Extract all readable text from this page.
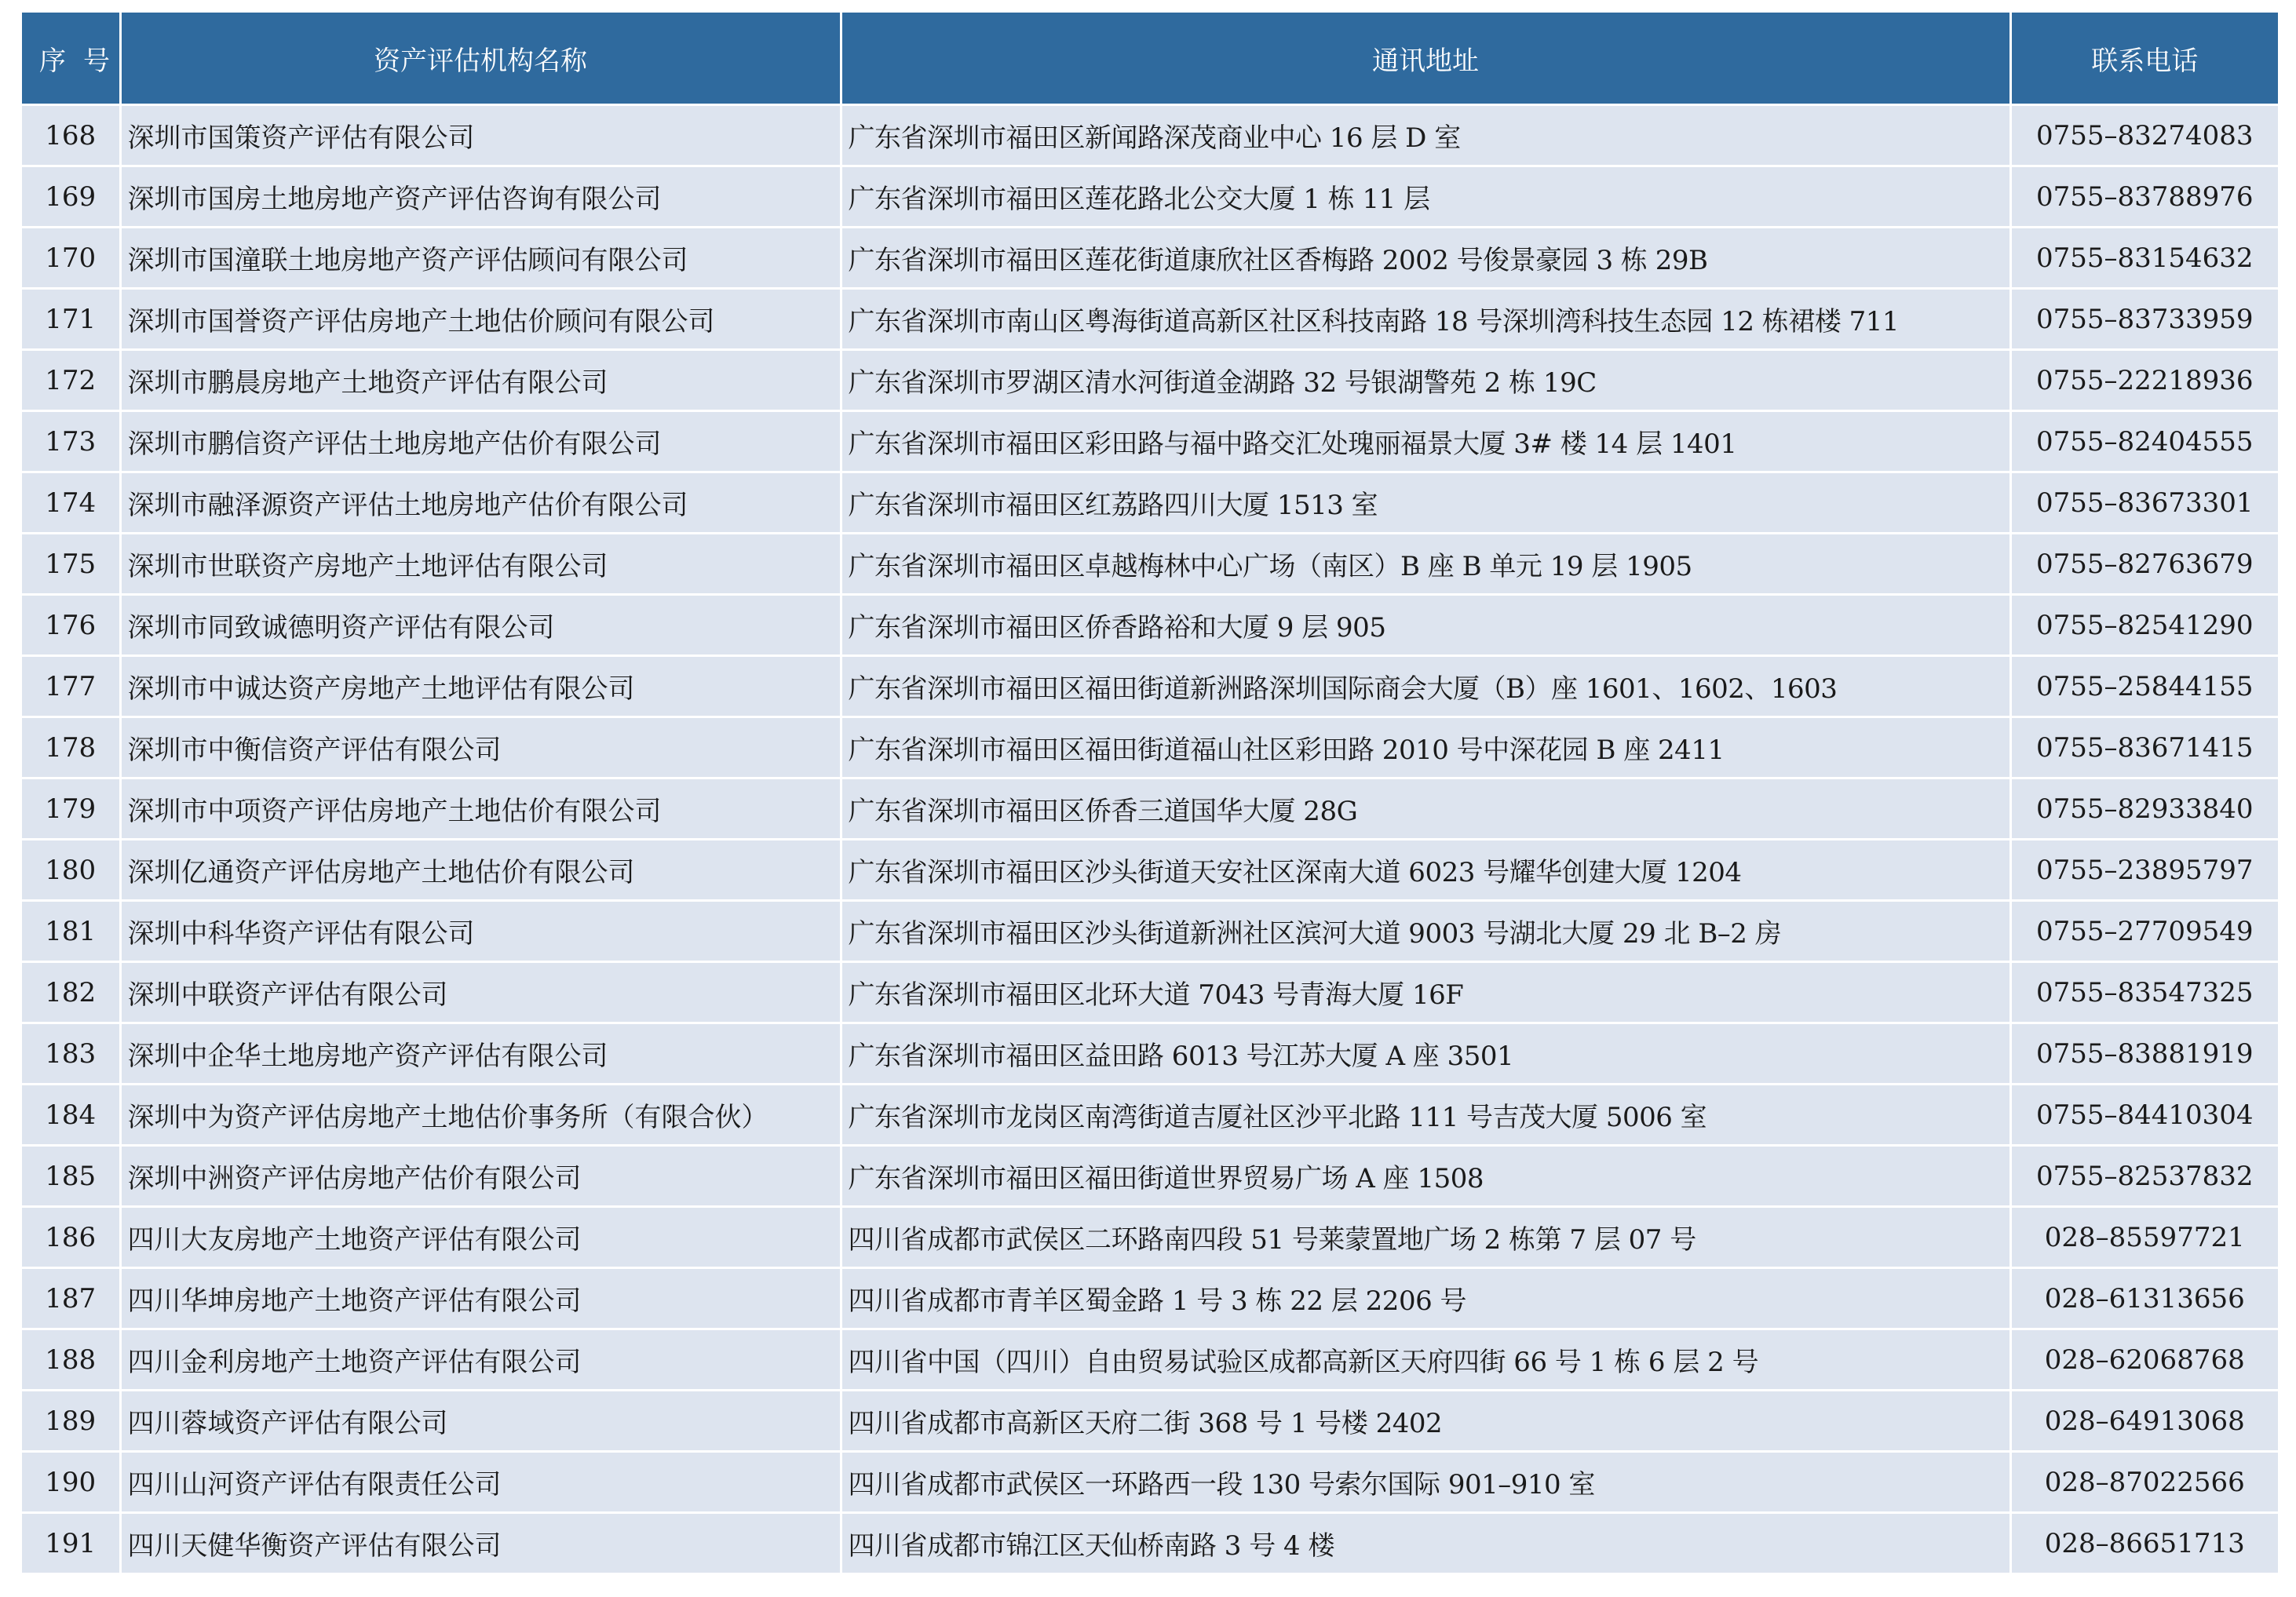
序号	资产评估机构名称	通讯地址	联系电话
168	深圳市国策资产评估有限公司	广东省深圳市福田区新闻路深茂商业中心 16 层 D 室	0755–83274083
169	深圳市国房土地房地产资产评估咨询有限公司	广东省深圳市福田区莲花路北公交大厦 1 栋 11 层	0755–83788976
170	深圳市国潼联土地房地产资产评估顾问有限公司	广东省深圳市福田区莲花街道康欣社区香梅路 2002 号俊景豪园 3 栋 29B	0755–83154632
171	深圳市国誉资产评估房地产土地估价顾问有限公司	广东省深圳市南山区粤海街道高新区社区科技南路 18 号深圳湾科技生态园 12 栋裙楼 711	0755–83733959
172	深圳市鹏晨房地产土地资产评估有限公司	广东省深圳市罗湖区清水河街道金湖路 32 号银湖警苑 2 栋 19C	0755–22218936
173	深圳市鹏信资产评估土地房地产估价有限公司	广东省深圳市福田区彩田路与福中路交汇处瑰丽福景大厦 3# 楼 14 层 1401	0755–82404555
174	深圳市融泽源资产评估土地房地产估价有限公司	广东省深圳市福田区红荔路四川大厦 1513 室	0755–83673301
175	深圳市世联资产房地产土地评估有限公司	广东省深圳市福田区卓越梅林中心广场（南区）B 座 B 单元 19 层 1905	0755–82763679
176	深圳市同致诚德明资产评估有限公司	广东省深圳市福田区侨香路裕和大厦 9 层 905	0755–82541290
177	深圳市中诚达资产房地产土地评估有限公司	广东省深圳市福田区福田街道新洲路深圳国际商会大厦（B）座 1601、1602、1603	0755–25844155
178	深圳市中衡信资产评估有限公司	广东省深圳市福田区福田街道福山社区彩田路 2010 号中深花园 B 座 2411	0755–83671415
179	深圳市中项资产评估房地产土地估价有限公司	广东省深圳市福田区侨香三道国华大厦 28G	0755–82933840
180	深圳亿通资产评估房地产土地估价有限公司	广东省深圳市福田区沙头街道天安社区深南大道 6023 号耀华创建大厦 1204	0755–23895797
181	深圳中科华资产评估有限公司	广东省深圳市福田区沙头街道新洲社区滨河大道 9003 号湖北大厦 29 北 B–2 房	0755–27709549
182	深圳中联资产评估有限公司	广东省深圳市福田区北环大道 7043 号青海大厦 16F	0755–83547325
183	深圳中企华土地房地产资产评估有限公司	广东省深圳市福田区益田路 6013 号江苏大厦 A 座 3501	0755–83881919
184	深圳中为资产评估房地产土地估价事务所（有限合伙）	广东省深圳市龙岗区南湾街道吉厦社区沙平北路 111 号吉茂大厦 5006 室	0755–84410304
185	深圳中洲资产评估房地产估价有限公司	广东省深圳市福田区福田街道世界贸易广场 A 座 1508	0755–82537832
186	四川大友房地产土地资产评估有限公司	四川省成都市武侯区二环路南四段 51 号莱蒙置地广场 2 栋第 7 层 07 号	028–85597721
187	四川华坤房地产土地资产评估有限公司	四川省成都市青羊区蜀金路 1 号 3 栋 22 层 2206 号	028–61313656
188	四川金利房地产土地资产评估有限公司	四川省中国（四川）自由贸易试验区成都高新区天府四街 66 号 1 栋 6 层 2 号	028–62068768
189	四川蓉域资产评估有限公司	四川省成都市高新区天府二街 368 号 1 号楼 2402	028–64913068
190	四川山河资产评估有限责任公司	四川省成都市武侯区一环路西一段 130 号索尔国际 901–910 室	028–87022566
191	四川天健华衡资产评估有限公司	四川省成都市锦江区天仙桥南路 3 号 4 楼	028–86651713
